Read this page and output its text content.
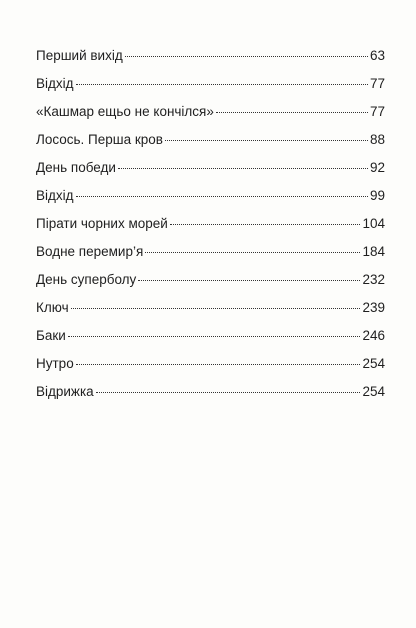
Перший вихід	63
Відхід	77
«Кашмар ещьо не кончілся»	77
Лосось. Перша кров	88
День победи	92
Відхід	99
Пірати чорних морей	104
Водне перемир’я	184
День суперболу	232
Ключ	239
Баки	246
Нутро	254
Відрижка	254
